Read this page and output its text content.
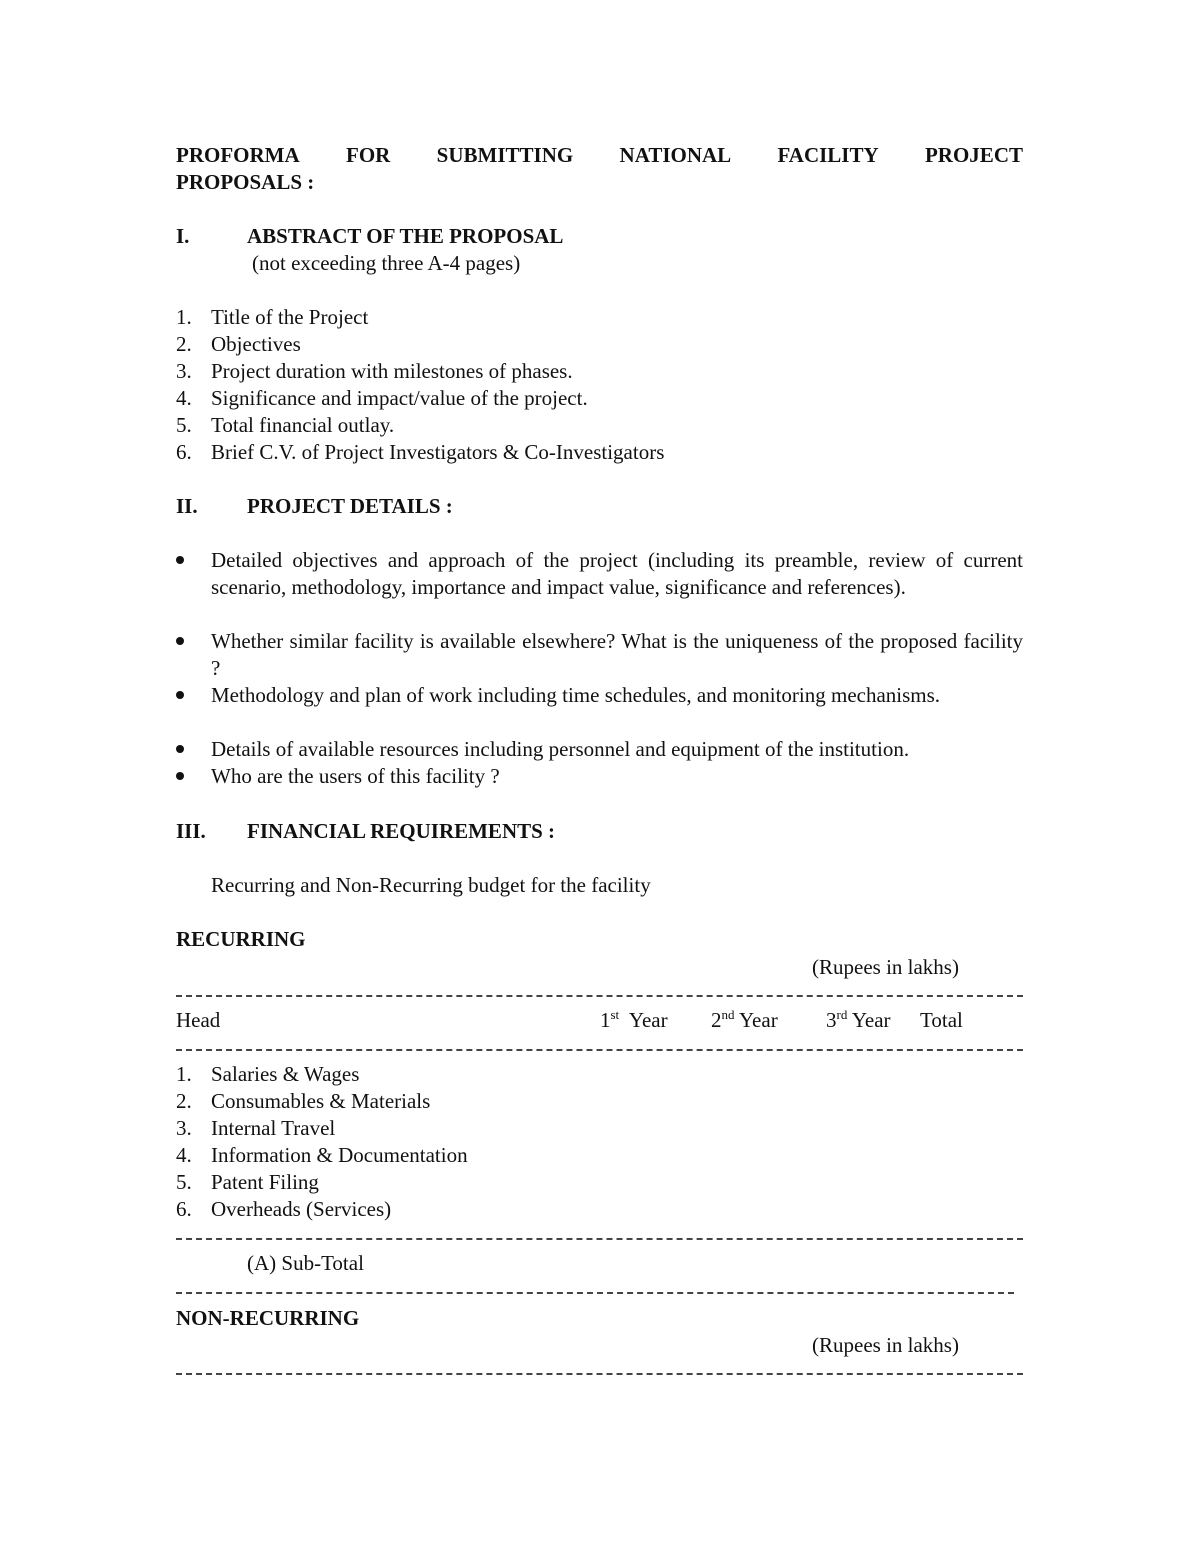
PROFORMA FOR SUBMITTING NATIONAL FACILITY PROJECT
PROPOSALS :
I.	ABSTRACT OF THE PROPOSAL
(not exceeding three A-4 pages)
1. Title of the Project
2. Objectives
3. Project duration with milestones of phases.
4. Significance and impact/value of the project.
5. Total financial outlay.
6. Brief C.V. of Project Investigators & Co-Investigators
II. PROJECT DETAILS :
Detailed objectives and approach of the project (including its preamble, review of current scenario, methodology, importance and impact value, significance and references).
Whether similar facility is available elsewhere? What is the uniqueness of the proposed facility ?
Methodology and plan of work including time schedules, and monitoring mechanisms.
Details of available resources including personnel and equipment of the institution.
Who are the users of this facility ?
III. FINANCIAL REQUIREMENTS :
Recurring and Non-Recurring budget for the facility
RECURRING
(Rupees in lakhs)
Head	1st Year 2nd Year 3rd Year Total
1. Salaries & Wages
2. Consumables & Materials
3. Internal Travel
4. Information & Documentation
5. Patent Filing
6. Overheads (Services)
(A) Sub-Total
NON-RECURRING
(Rupees in lakhs)
